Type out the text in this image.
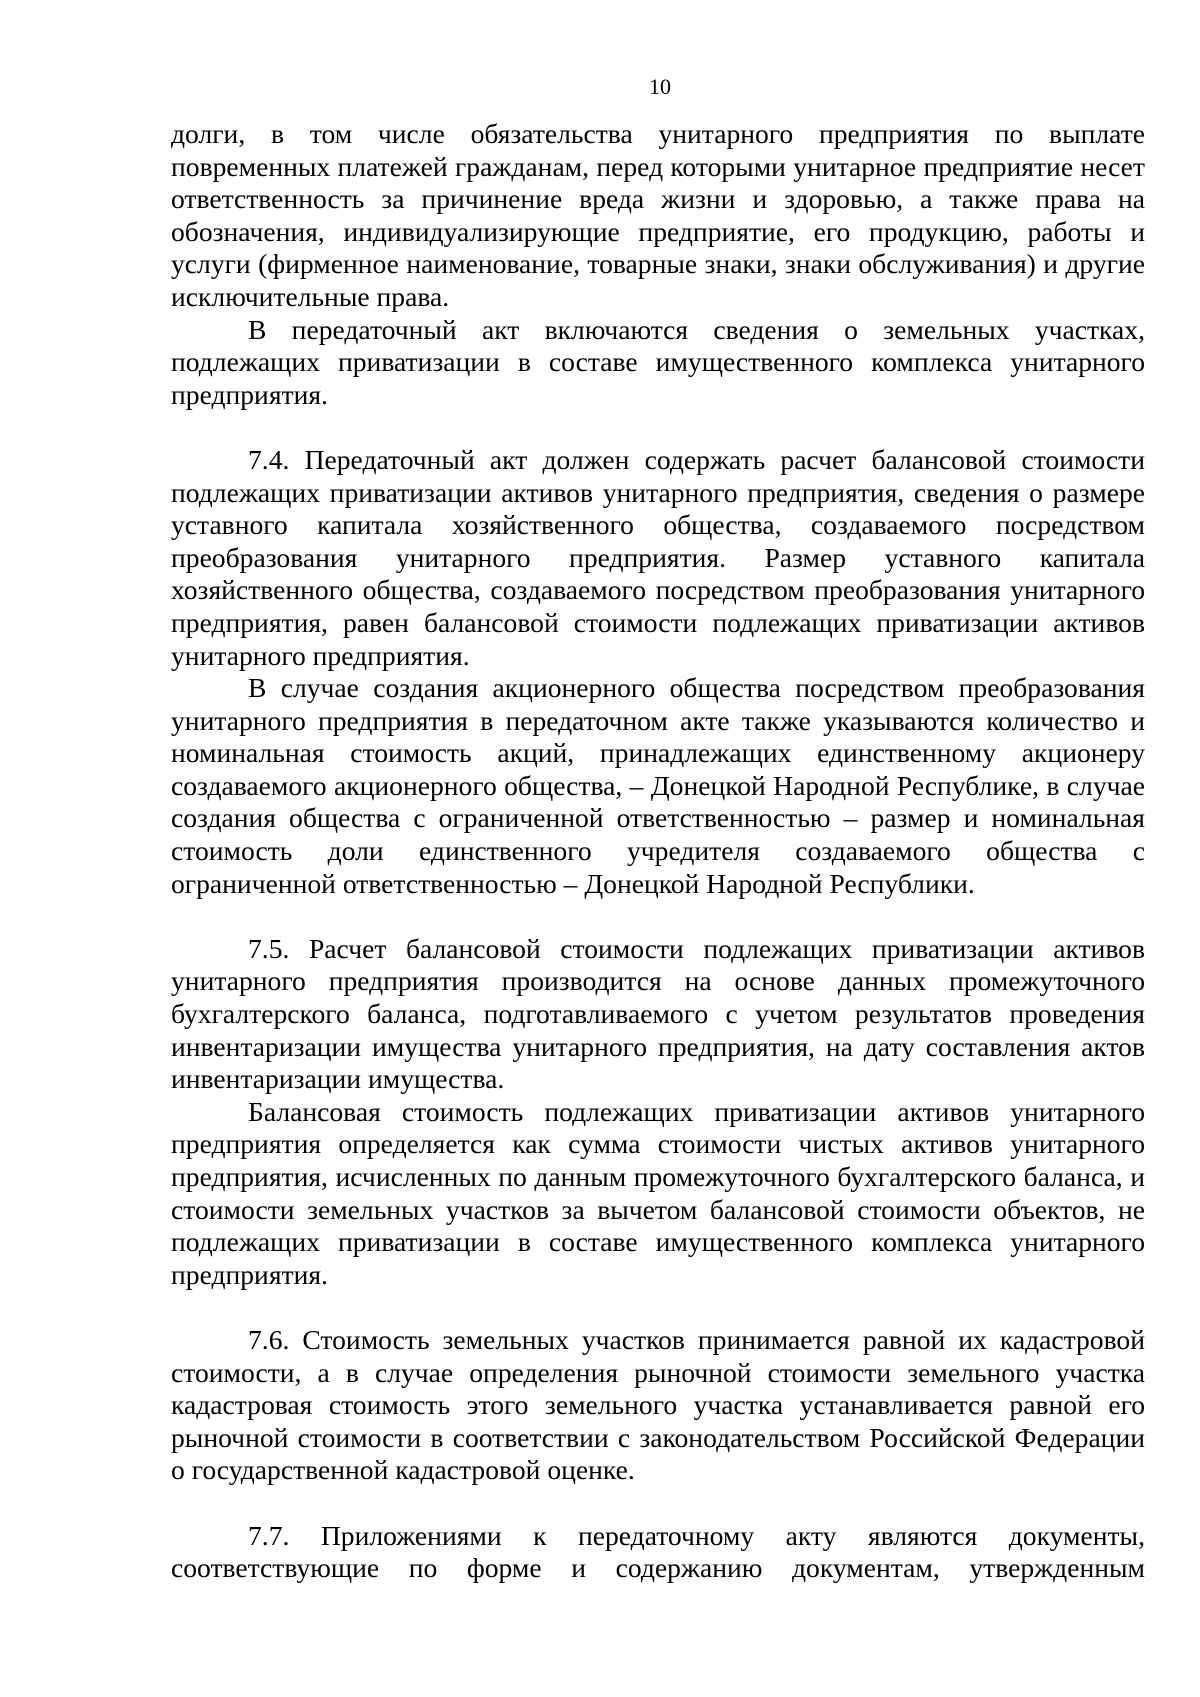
10

долги, в том числе обязательства унитарного предприятия по выплате повременных платежей гражданам, перед которыми унитарное предприятие несет ответственность за причинение вреда жизни и здоровью, а также права на обозначения, индивидуализирующие предприятие, его продукцию, работы и услуги (фирменное наименование, товарные знаки, знаки обслуживания) и другие исключительные права.

В передаточный акт включаются сведения о земельных участках, подлежащих приватизации в составе имущественного комплекса унитарного предприятия.

7.4. Передаточный акт должен содержать расчет балансовой стоимости подлежащих приватизации активов унитарного предприятия, сведения о размере уставного капитала хозяйственного общества, создаваемого посредством преобразования унитарного предприятия. Размер уставного капитала хозяйственного общества, создаваемого посредством преобразования унитарного предприятия, равен балансовой стоимости подлежащих приватизации активов унитарного предприятия.

В случае создания акционерного общества посредством преобразования унитарного предприятия в передаточном акте также указываются количество и номинальная стоимость акций, принадлежащих единственному акционеру создаваемого акционерного общества, – Донецкой Народной Республике, в случае создания общества с ограниченной ответственностью – размер и номинальная стоимость доли единственного учредителя создаваемого общества с ограниченной ответственностью – Донецкой Народной Республики.

7.5. Расчет балансовой стоимости подлежащих приватизации активов унитарного предприятия производится на основе данных промежуточного бухгалтерского баланса, подготавливаемого с учетом результатов проведения инвентаризации имущества унитарного предприятия, на дату составления актов инвентаризации имущества.

Балансовая стоимость подлежащих приватизации активов унитарного предприятия определяется как сумма стоимости чистых активов унитарного предприятия, исчисленных по данным промежуточного бухгалтерского баланса, и стоимости земельных участков за вычетом балансовой стоимости объектов, не подлежащих приватизации в составе имущественного комплекса унитарного предприятия.

7.6. Стоимость земельных участков принимается равной их кадастровой стоимости, а в случае определения рыночной стоимости земельного участка кадастровая стоимость этого земельного участка устанавливается равной его рыночной стоимости в соответствии с законодательством Российской Федерации о государственной кадастровой оценке.

7.7. Приложениями к передаточному акту являются документы, соответствующие по форме и содержанию документам, утвержденным
